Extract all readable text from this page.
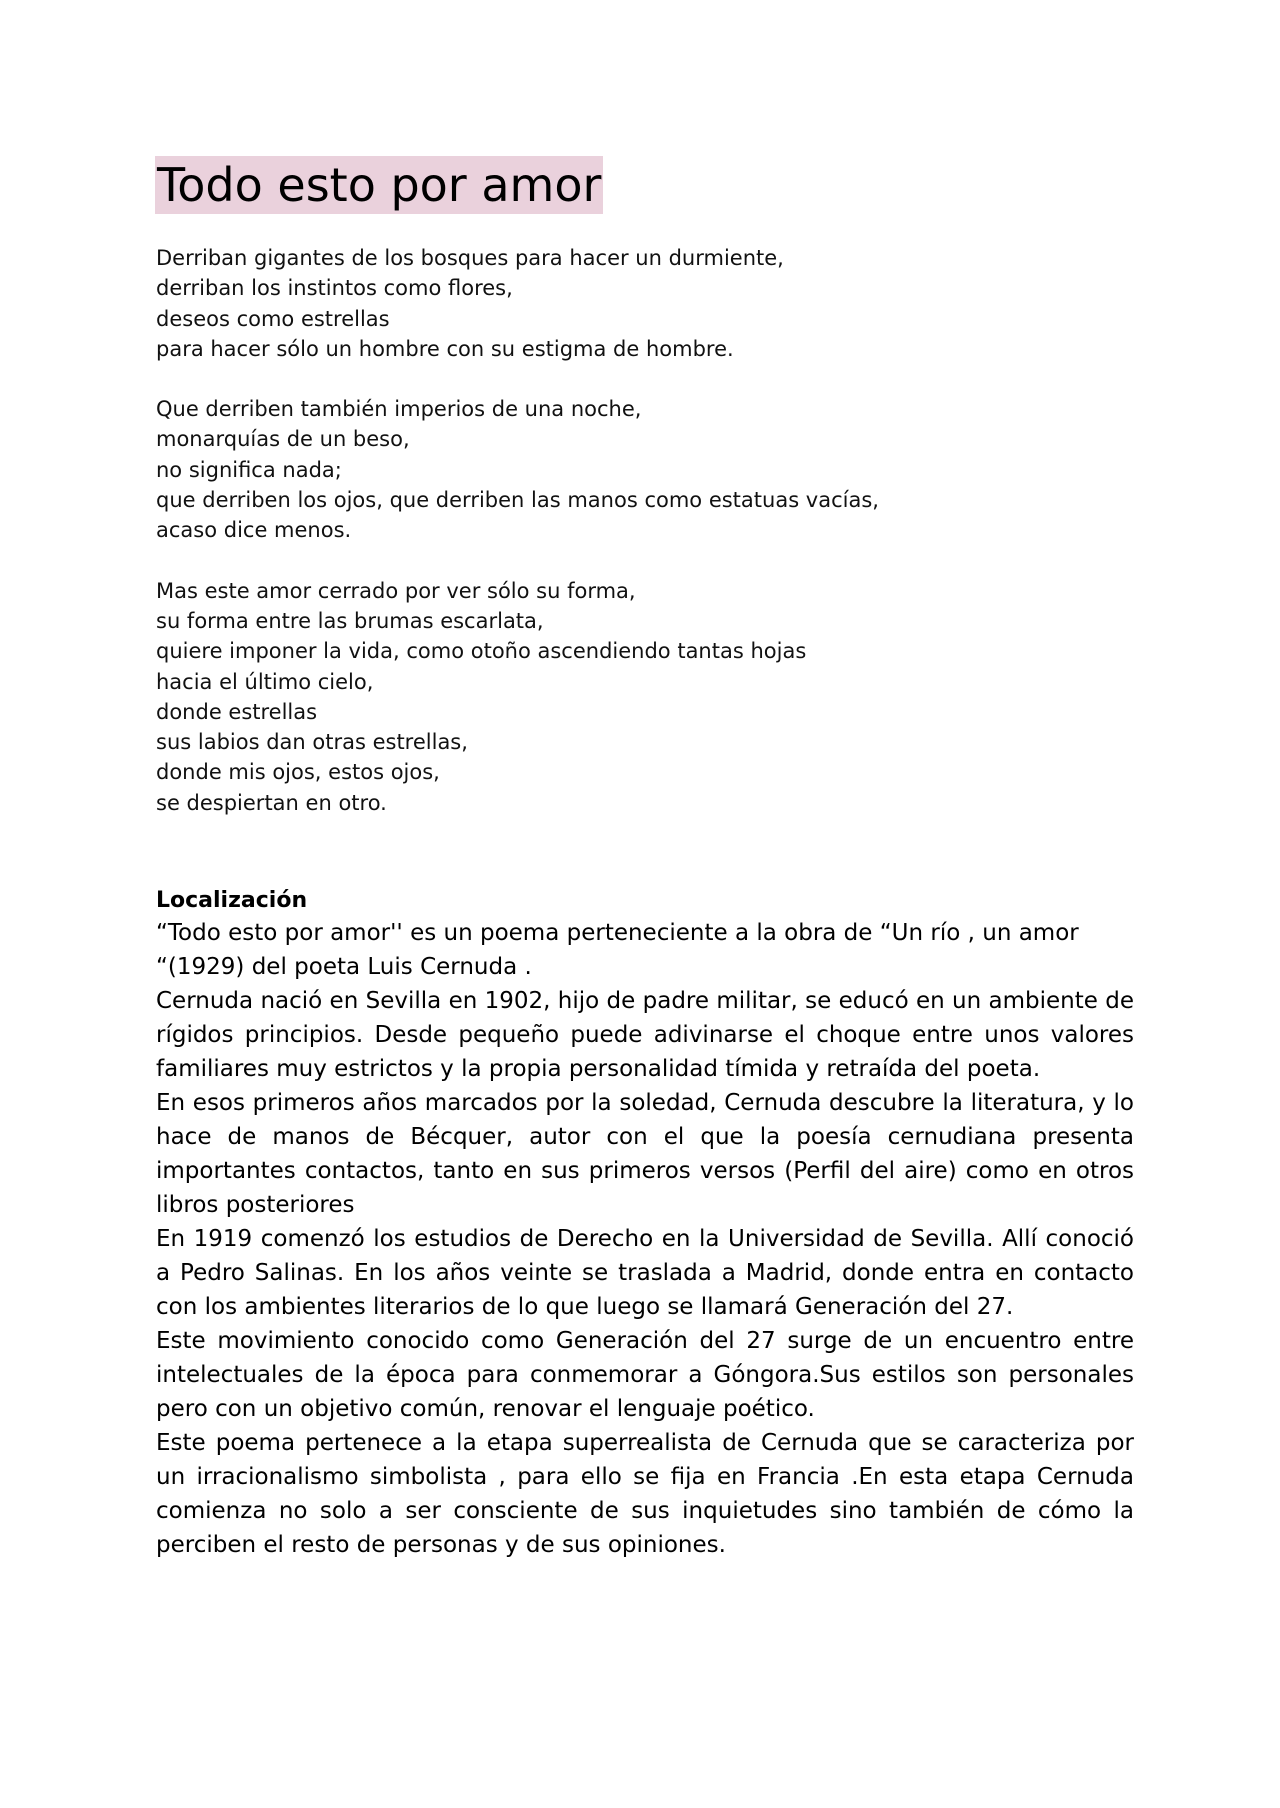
Todo esto por amor
Derriban gigantes de los bosques para hacer un durmiente,
derriban los instintos como flores,
deseos como estrellas
para hacer sólo un hombre con su estigma de hombre.
Que derriben también imperios de una noche,
monarquías de un beso,
no significa nada;
que derriben los ojos, que derriben las manos como estatuas vacías,
acaso dice menos.
Mas este amor cerrado por ver sólo su forma,
su forma entre las brumas escarlata,
quiere imponer la vida, como otoño ascendiendo tantas hojas
hacia el último cielo,
donde estrellas
sus labios dan otras estrellas,
donde mis ojos, estos ojos,
se despiertan en otro.
Localización

“Todo esto por amor'' es un poema perteneciente a la obra de “Un río , un amor “(1929) del poeta Luis Cernuda .

Cernuda nació en Sevilla en 1902, hijo de padre militar, se educó en un ambiente de rígidos principios. Desde pequeño puede adivinarse el choque entre unos valores familiares muy estrictos y la propia personalidad tímida y retraída del poeta.

En esos primeros años marcados por la soledad, Cernuda descubre la literatura, y lo hace de manos de Bécquer, autor con el que la poesía cernudiana presenta importantes contactos, tanto en sus primeros versos (Perfil del aire) como en otros libros posteriores

En 1919 comenzó los estudios de Derecho en la Universidad de Sevilla. Allí conoció a Pedro Salinas. En los años veinte se traslada a Madrid, donde entra en contacto con los ambientes literarios de lo que luego se llamará Generación del 27.

Este movimiento conocido como Generación del 27 surge de un encuentro entre intelectuales de la época para conmemorar a Góngora.Sus estilos son personales pero con un objetivo común, renovar el lenguaje poético.

Este poema pertenece a la etapa superrealista de Cernuda que se caracteriza por un irracionalismo simbolista , para ello se fija en Francia .En esta etapa Cernuda comienza no solo a ser consciente de sus inquietudes sino también de cómo la perciben el resto de personas y de sus opiniones.
